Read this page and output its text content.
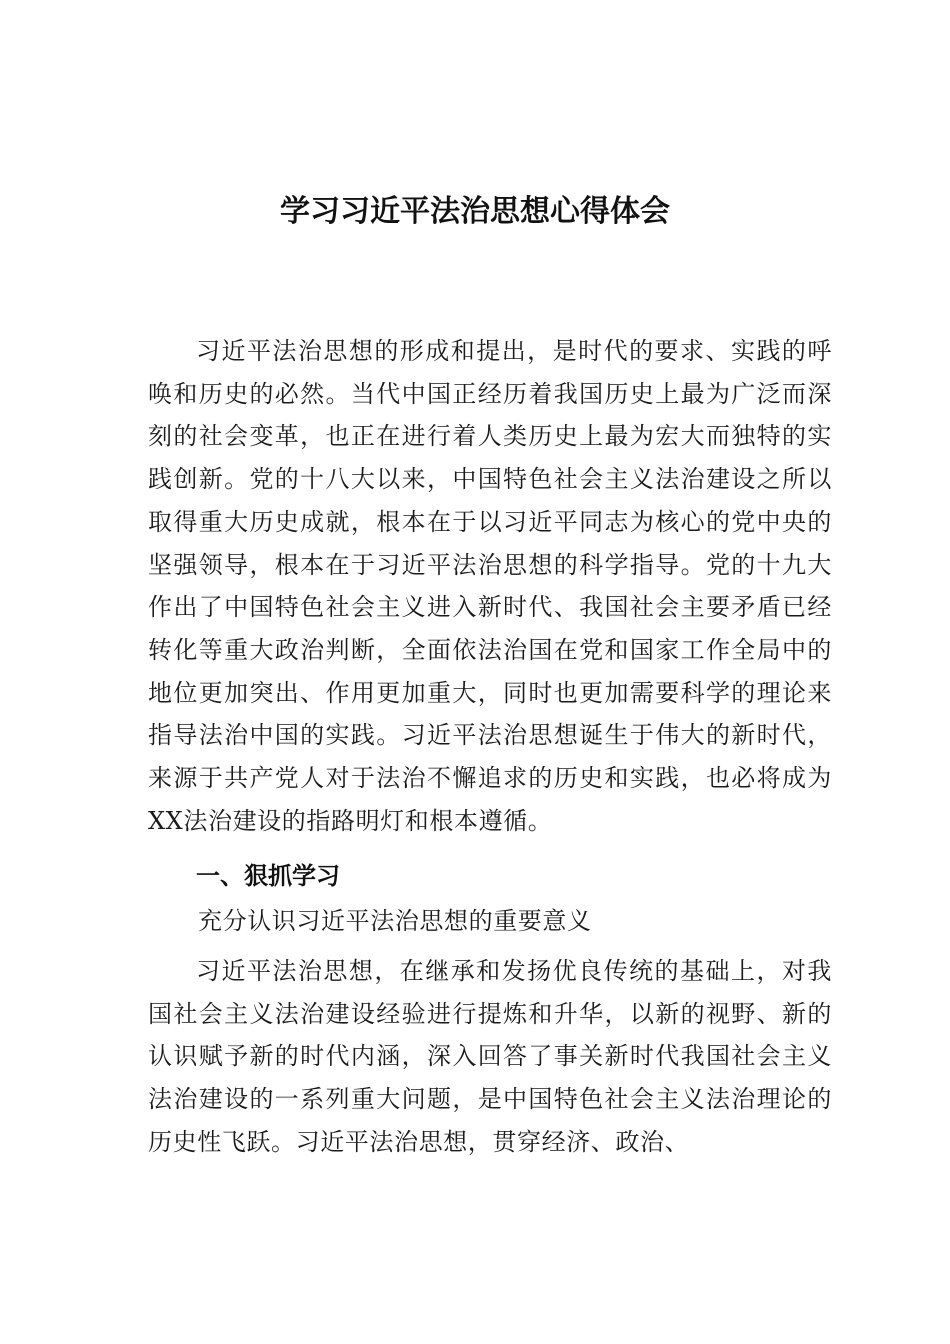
学习习近平法治思想心得体会

习近平法治思想的形成和提出，是时代的要求、实践的呼唤和历史的必然。当代中国正经历着我国历史上最为广泛而深刻的社会变革，也正在进行着人类历史上最为宏大而独特的实践创新。党的十八大以来，中国特色社会主义法治建设之所以取得重大历史成就，根本在于以习近平同志为核心的党中央的坚强领导，根本在于习近平法治思想的科学指导。党的十九大作出了中国特色社会主义进入新时代、我国社会主要矛盾已经转化等重大政治判断，全面依法治国在党和国家工作全局中的地位更加突出、作用更加重大，同时也更加需要科学的理论来指导法治中国的实践。习近平法治思想诞生于伟大的新时代，来源于共产党人对于法治不懈追求的历史和实践，也必将成为XX法治建设的指路明灯和根本遵循。

一、狠抓学习

充分认识习近平法治思想的重要意义

习近平法治思想，在继承和发扬优良传统的基础上，对我国社会主义法治建设经验进行提炼和升华，以新的视野、新的认识赋予新的时代内涵，深入回答了事关新时代我国社会主义法治建设的一系列重大问题，是中国特色社会主义法治理论的历史性飞跃。习近平法治思想，贯穿经济、政治、
